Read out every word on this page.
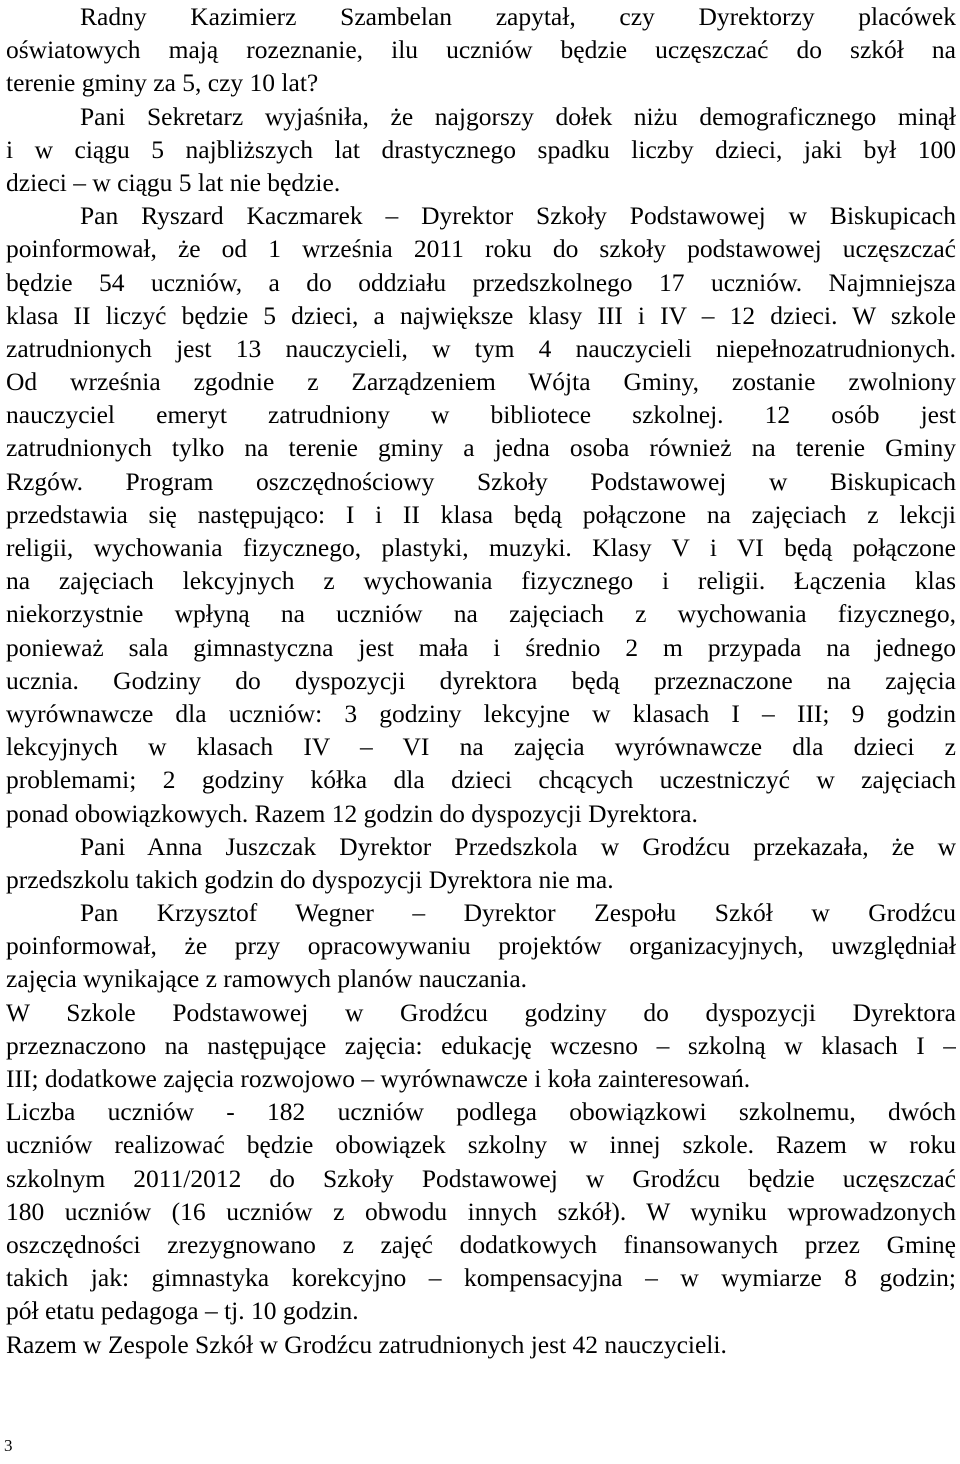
Radny Kazimierz Szambelan zapytał, czy Dyrektorzy placówek
oświatowych mają rozeznanie, ilu uczniów będzie uczęszczać do szkół na
terenie gminy za 5, czy 10 lat?
Pani Sekretarz wyjaśniła, że najgorszy dołek niżu demograficznego minął
i w ciągu 5 najbliższych lat drastycznego spadku liczby dzieci, jaki był 100
dzieci – w ciągu 5 lat nie będzie.
Pan Ryszard Kaczmarek – Dyrektor Szkoły Podstawowej w Biskupicach
poinformował, że od 1 września 2011 roku do szkoły podstawowej uczęszczać
będzie 54 uczniów, a do oddziału przedszkolnego 17 uczniów. Najmniejsza
klasa II liczyć będzie 5 dzieci, a największe klasy III i IV – 12 dzieci. W szkole
zatrudnionych jest 13 nauczycieli, w tym 4 nauczycieli niepełnozatrudnionych.
Od września zgodnie z Zarządzeniem Wójta Gminy, zostanie zwolniony
nauczyciel emeryt zatrudniony w bibliotece szkolnej. 12 osób jest
zatrudnionych tylko na terenie gminy a jedna osoba również na terenie Gminy
Rzgów. Program oszczędnościowy Szkoły Podstawowej w Biskupicach
przedstawia się następująco: I i II klasa będą połączone na zajęciach z lekcji
religii, wychowania fizycznego, plastyki, muzyki. Klasy V i VI będą połączone
na zajęciach lekcyjnych z wychowania fizycznego i religii. Łączenia klas
niekorzystnie wpłyną na uczniów na zajęciach z wychowania fizycznego,
ponieważ sala gimnastyczna jest mała i średnio 2 m przypada na jednego
ucznia. Godziny do dyspozycji dyrektora będą przeznaczone na zajęcia
wyrównawcze dla uczniów: 3 godziny lekcyjne w klasach I – III; 9 godzin
lekcyjnych w klasach IV – VI na zajęcia wyrównawcze dla dzieci z
problemami; 2 godziny kółka dla dzieci chcących uczestniczyć w zajęciach
ponad obowiązkowych. Razem 12 godzin do dyspozycji Dyrektora.
Pani Anna Juszczak Dyrektor Przedszkola w Grodźcu przekazała, że w
przedszkolu takich godzin do dyspozycji Dyrektora nie ma.
Pan Krzysztof Wegner – Dyrektor Zespołu Szkół w Grodźcu
poinformował, że przy opracowywaniu projektów organizacyjnych, uwzględniał
zajęcia wynikające z ramowych planów nauczania.
W Szkole Podstawowej w Grodźcu godziny do dyspozycji Dyrektora
przeznaczono na następujące zajęcia: edukację wczesno – szkolną w klasach I –
III; dodatkowe zajęcia rozwojowo – wyrównawcze i koła zainteresowań.
Liczba uczniów - 182 uczniów podlega obowiązkowi szkolnemu, dwóch
uczniów realizować będzie obowiązek szkolny w innej szkole. Razem w roku
szkolnym 2011/2012 do Szkoły Podstawowej w Grodźcu będzie uczęszczać
180 uczniów (16 uczniów z obwodu innych szkół). W wyniku wprowadzonych
oszczędności zrezygnowano z zajęć dodatkowych finansowanych przez Gminę
takich jak: gimnastyka korekcyjno – kompensacyjna – w wymiarze 8 godzin;
pół etatu pedagoga – tj. 10 godzin.
Razem w Zespole Szkół w Grodźcu zatrudnionych jest 42 nauczycieli.
3
